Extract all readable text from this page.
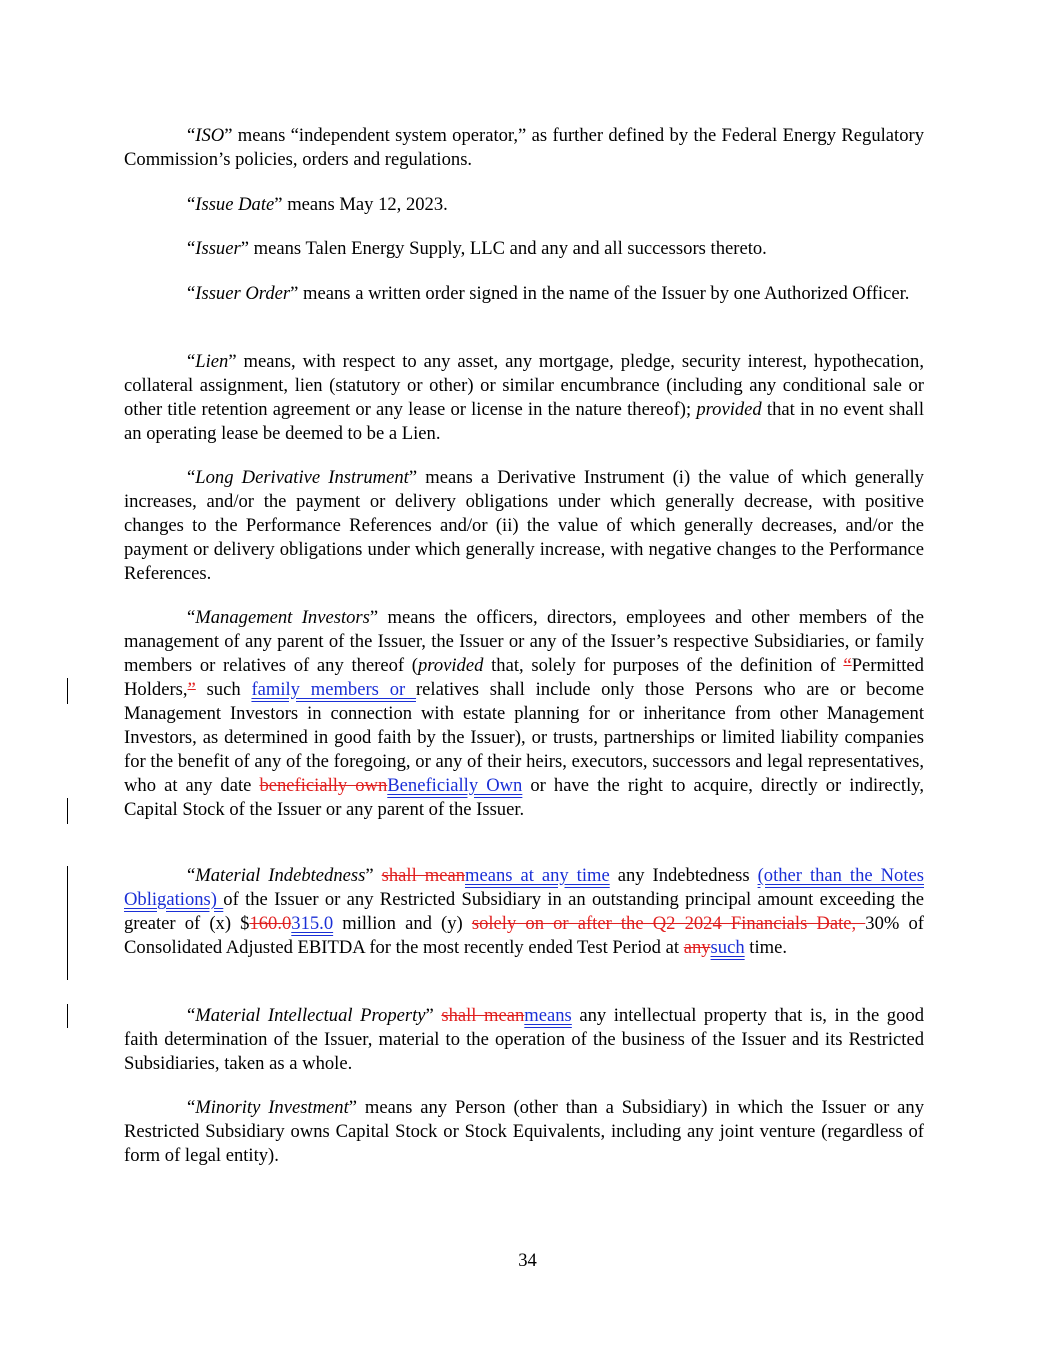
“ISO” means “independent system operator,” as further defined by the Federal Energy Regulatory Commission’s policies, orders and regulations.

“Issue Date” means May 12, 2023.

“Issuer” means Talen Energy Supply, LLC and any and all successors thereto.

“Issuer Order” means a written order signed in the name of the Issuer by one Authorized Officer.

“Lien” means, with respect to any asset, any mortgage, pledge, security interest, hypothecation, collateral assignment, lien (statutory or other) or similar encumbrance (including any conditional sale or other title retention agreement or any lease or license in the nature thereof); provided that in no event shall an operating lease be deemed to be a Lien.

“Long Derivative Instrument” means a Derivative Instrument (i) the value of which generally increases, and/or the payment or delivery obligations under which generally decrease, with positive changes to the Performance References and/or (ii) the value of which generally decreases, and/or the payment or delivery obligations under which generally increase, with negative changes to the Performance References.

“Management Investors” means the officers, directors, employees and other members of the management of any parent of the Issuer, the Issuer or any of the Issuer’s respective Subsidiaries, or family members or relatives of any thereof (provided that, solely for purposes of the definition of “Permitted Holders,” such family members or relatives shall include only those Persons who are or become Management Investors in connection with estate planning for or inheritance from other Management Investors, as determined in good faith by the Issuer), or trusts, partnerships or limited liability companies for the benefit of any of the foregoing, or any of their heirs, executors, successors and legal representatives, who at any date beneficially ownBeneficially Own or have the right to acquire, directly or indirectly, Capital Stock of the Issuer or any parent of the Issuer.

“Material Indebtedness” shall meanmeans at any time any Indebtedness (other than the Notes Obligations) of the Issuer or any Restricted Subsidiary in an outstanding principal amount exceeding the greater of (x) $160.0315.0 million and (y) solely on or after the Q2 2024 Financials Date, 30% of Consolidated Adjusted EBITDA for the most recently ended Test Period at anysuch time.

“Material Intellectual Property” shall meanmeans any intellectual property that is, in the good faith determination of the Issuer, material to the operation of the business of the Issuer and its Restricted Subsidiaries, taken as a whole.

“Minority Investment” means any Person (other than a Subsidiary) in which the Issuer or any Restricted Subsidiary owns Capital Stock or Stock Equivalents, including any joint venture (regardless of form of legal entity).

34
